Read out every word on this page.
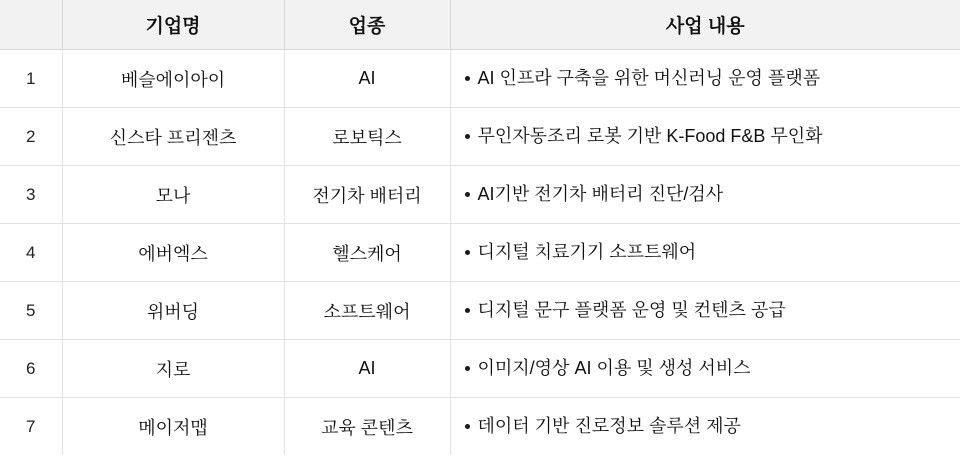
	기업명	업종	사업 내용
1	베슬에이아이	AI	AI 인프라 구축을 위한 머신러닝 운영 플랫폼

2	신스타 프리젠츠	로보틱스	무인자동조리 로봇 기반 K-Food F&B 무인화

3	모나	전기차 배터리	AI기반 전기차 배터리 진단/검사

4	에버엑스	헬스케어	디지털 치료기기 소프트웨어

5	위버딩	소프트웨어	디지털 문구 플랫폼 운영 및 컨텐츠 공급

6	지로	AI	이미지/영상 AI 이용 및 생성 서비스

7	메이저맵	교육 콘텐츠	데이터 기반 진로정보 솔루션 제공
